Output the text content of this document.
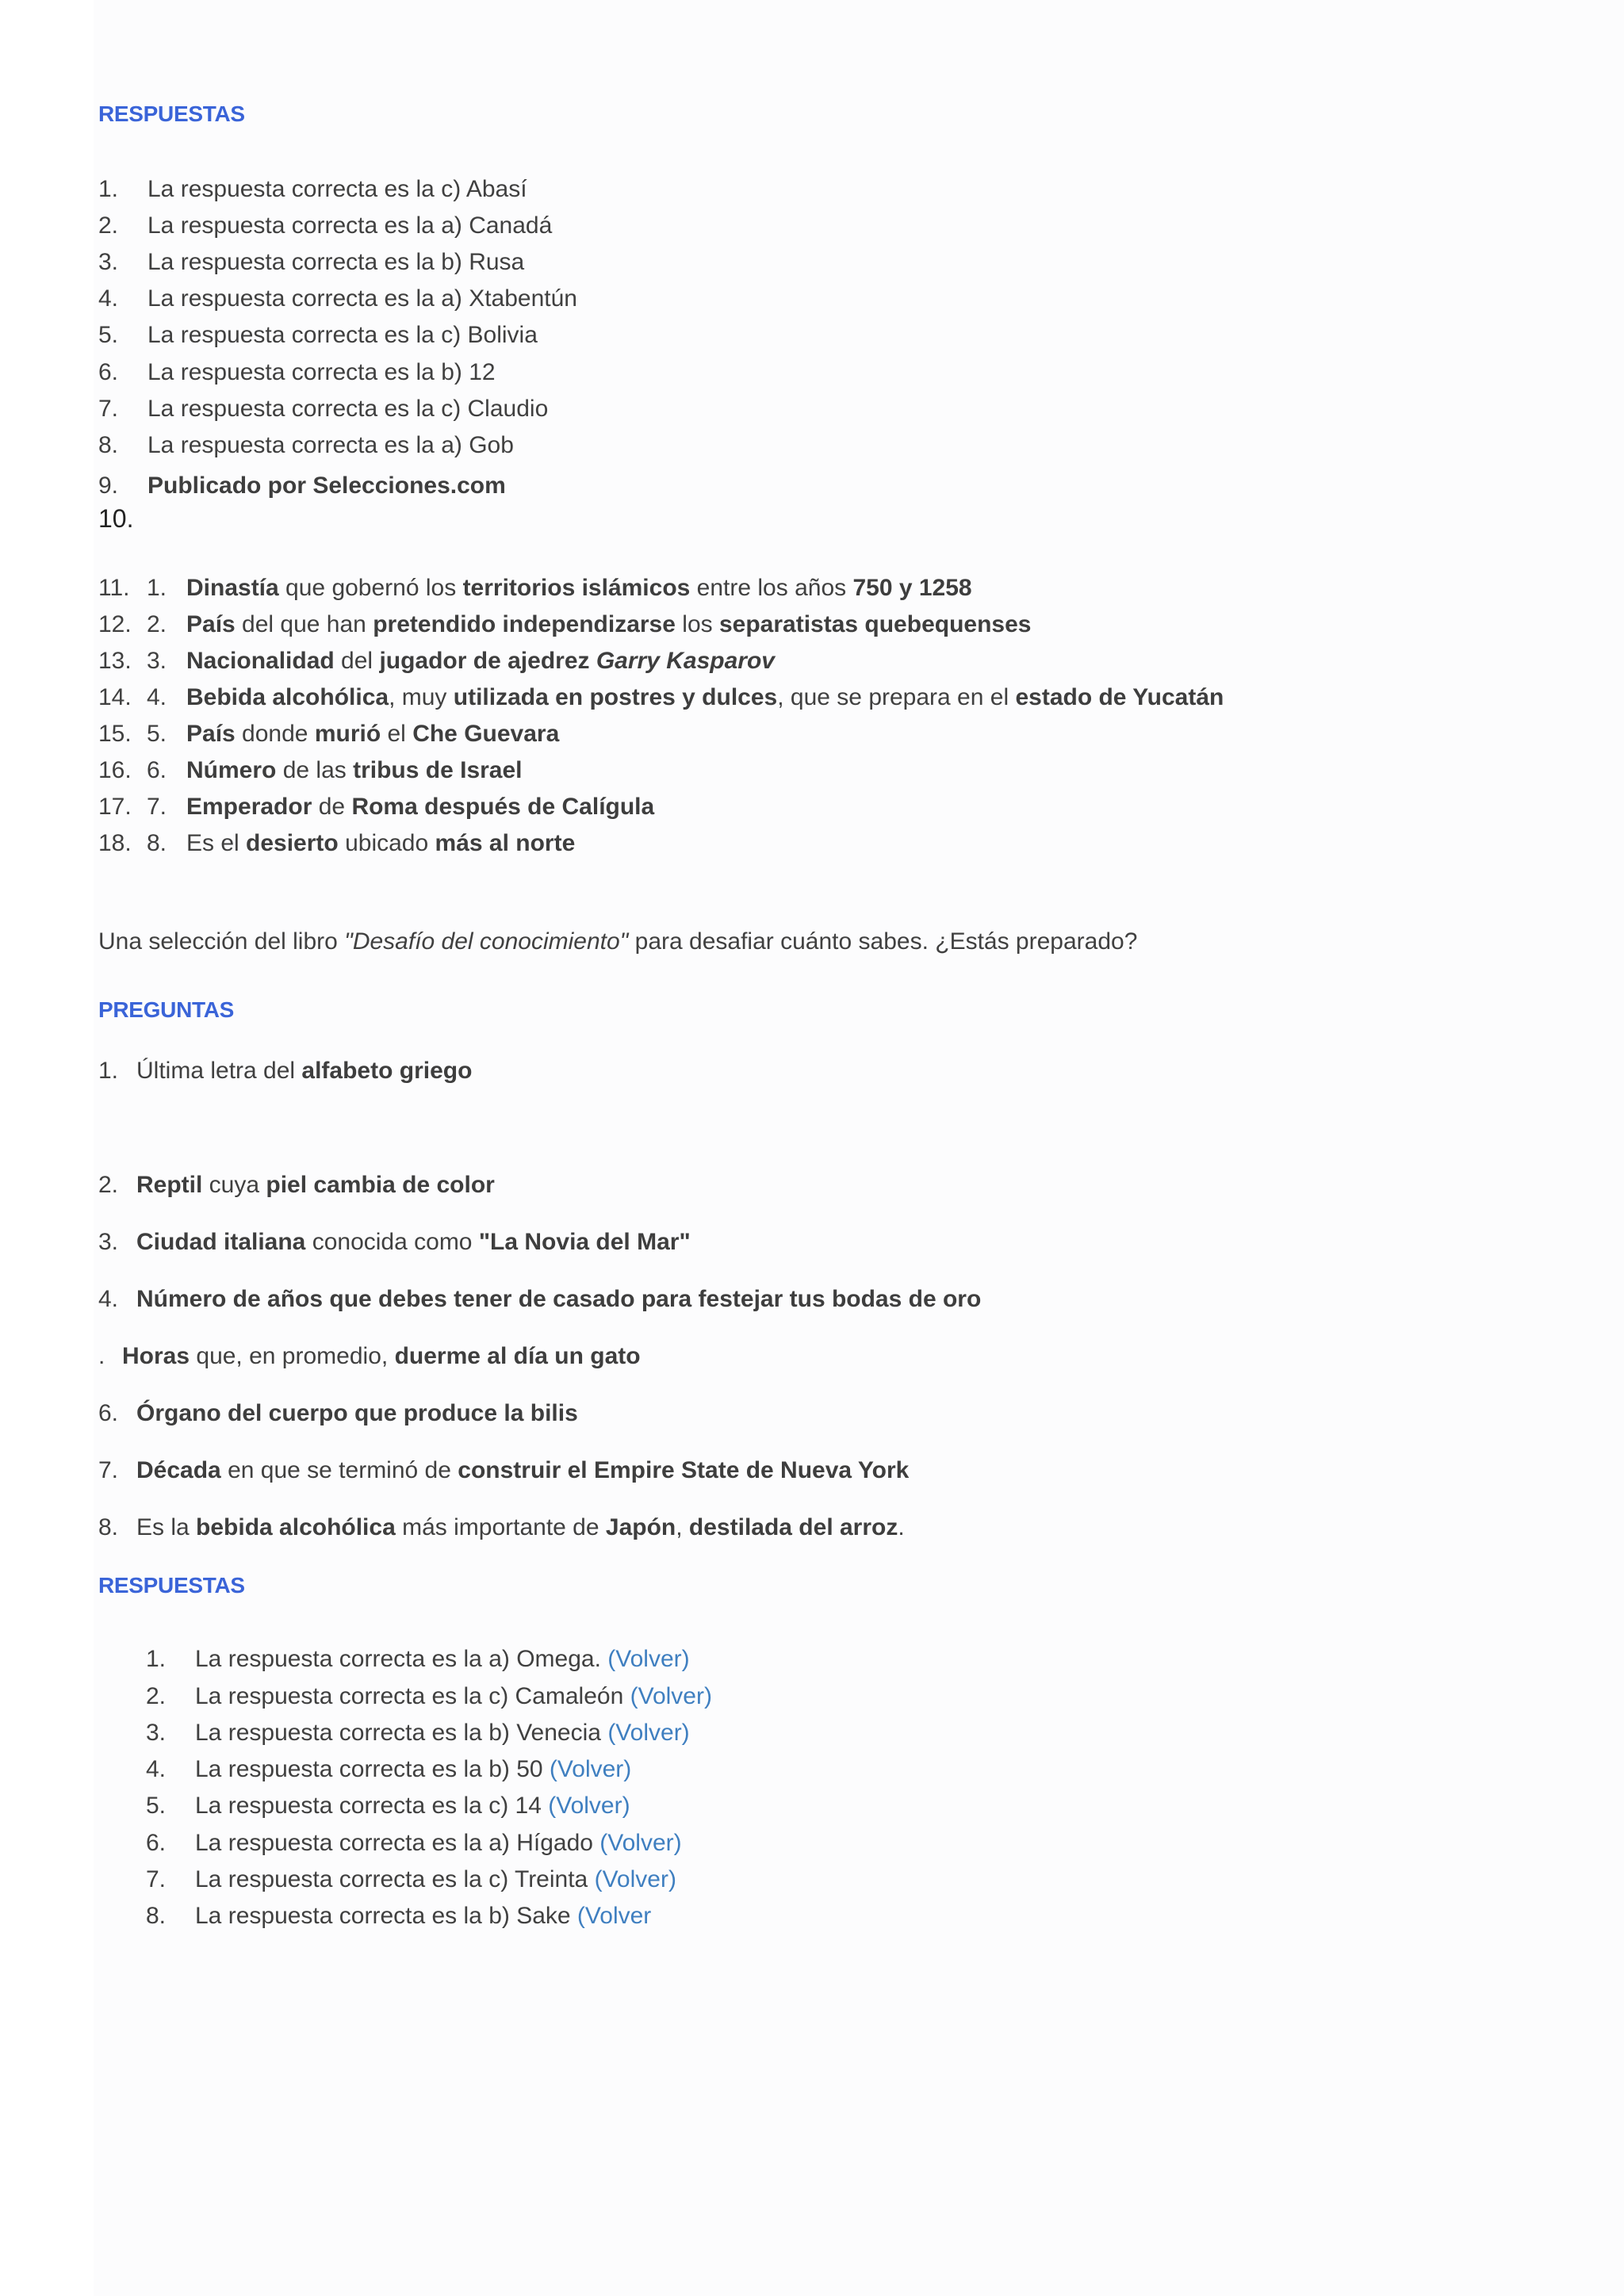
RESPUESTAS
1.	La respuesta correcta es la c) Abasí
2.	La respuesta correcta es la a) Canadá
3.	La respuesta correcta es la b) Rusa
4.	La respuesta correcta es la a) Xtabentún
5.	La respuesta correcta es la c) Bolivia
6.	La respuesta correcta es la b) 12
7.	La respuesta correcta es la c) Claudio
8.	La respuesta correcta es la a) Gob
9.	Publicado por Selecciones.com
10.
11. 1. Dinastía que gobernó los territorios islámicos entre los años 750 y 1258
12. 2. País del que han pretendido independizarse los separatistas quebequenses
13. 3. Nacionalidad del jugador de ajedrez Garry Kasparov
14. 4. Bebida alcohólica, muy utilizada en postres y dulces, que se prepara en el estado de Yucatán
15. 5. País donde murió el Che Guevara
16. 6. Número de las tribus de Israel
17. 7. Emperador de Roma después de Calígula
18. 8. Es el desierto ubicado más al norte
Una selección del libro "Desafío del conocimiento" para desafiar cuánto sabes. ¿Estás preparado?
PREGUNTAS
1. Última letra del alfabeto griego
2. Reptil cuya piel cambia de color
3. Ciudad italiana conocida como "La Novia del Mar"
4. Número de años que debes tener de casado para festejar tus bodas de oro
. Horas que, en promedio, duerme al día un gato
6. Órgano del cuerpo que produce la bilis
7. Década en que se terminó de construir el Empire State de Nueva York
8. Es la bebida alcohólica más importante de Japón, destilada del arroz.
RESPUESTAS
1.	La respuesta correcta es la a) Omega. (Volver)
2.	La respuesta correcta es la c) Camaleón (Volver)
3.	La respuesta correcta es la b) Venecia (Volver)
4.	La respuesta correcta es la b) 50 (Volver)
5.	La respuesta correcta es la c) 14 (Volver)
6.	La respuesta correcta es la a) Hígado (Volver)
7.	La respuesta correcta es la c) Treinta (Volver)
8.	La respuesta correcta es la b) Sake (Volver
